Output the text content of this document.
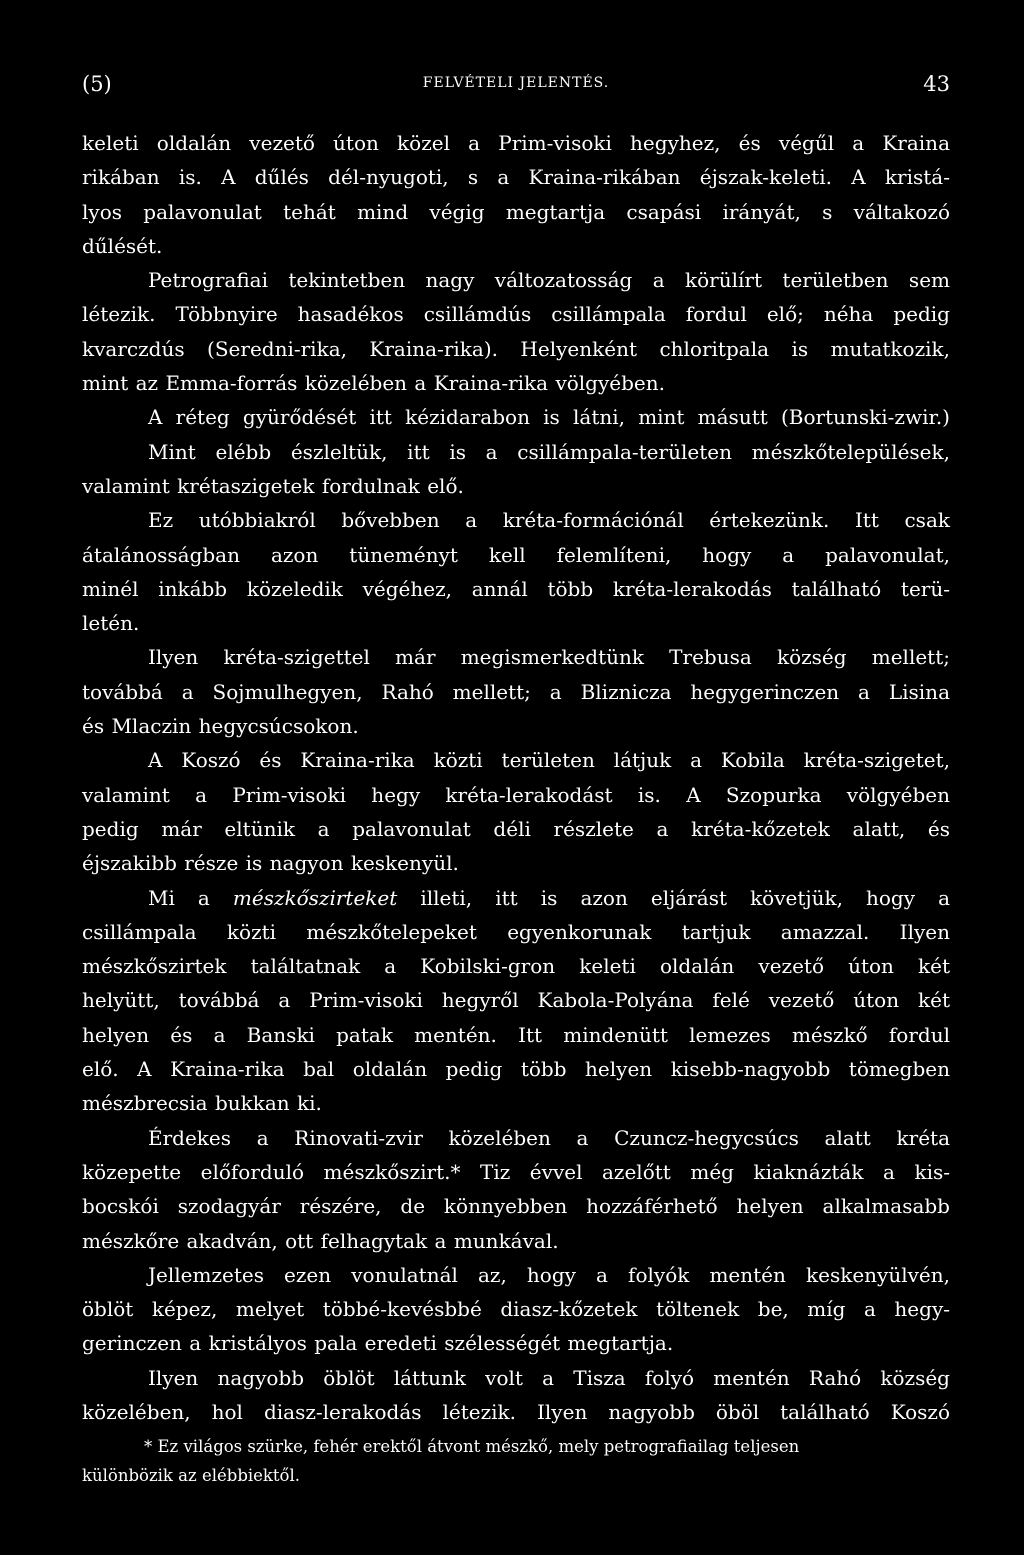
(5)	FELVÉTELI JELENTÉS.	43
keleti oldalán vezető úton közel a Prim-visoki hegyhez, és végűl a Kraina
rikában is. A dűlés dél-nyugoti, s a Kraina-rikában éjszak-keleti. A kristá-
lyos palavonulat tehát mind végig megtartja csapási irányát, s váltakozó
dűlését.
Petrografiai tekintetben nagy változatosság a körülírt területben sem
létezik. Többnyire hasadékos csillámdús csillámpala fordul elő; néha pedig
kvarczdús (Seredni-rika, Kraina-rika). Helyenként chloritpala is mutatkozik,
mint az Emma-forrás közelében a Kraina-rika völgyében.
A réteg gyürődését itt kézidarabon is látni, mint másutt (Bortunski-zwir.)
Mint elébb észleltük, itt is a csillámpala-területen mészkőtelepülések,
valamint krétaszigetek fordulnak elő.
Ez utóbbiakról bővebben a kréta-formációnál értekezünk. Itt csak
átalánosságban azon tüneményt kell felemlíteni, hogy a palavonulat,
minél inkább közeledik végéhez, annál több kréta-lerakodás található terü-
letén.
Ilyen kréta-szigettel már megismerkedtünk Trebusa község mellett;
továbbá a Sojmulhegyen, Rahó mellett; a Bliznicza hegygerinczen a Lisina
és Mlaczin hegycsúcsokon.
A Koszó és Kraina-rika közti területen látjuk a Kobila kréta-szigetet,
valamint a Prim-visoki hegy kréta-lerakodást is. A Szopurka völgyében
pedig már eltünik a palavonulat déli részlete a kréta-kőzetek alatt, és
éjszakibb része is nagyon keskenyül.
Mi a mészkőszirteket illeti, itt is azon eljárást követjük, hogy a
csillámpala közti mészkőtelepeket egyenkorunak tartjuk amazzal. Ilyen
mészkőszirtek találtatnak a Kobilski-gron keleti oldalán vezető úton két
helyütt, továbbá a Prim-visoki hegyről Kabola-Polyána felé vezető úton két
helyen és a Banski patak mentén. Itt mindenütt lemezes mészkő fordul
elő. A Kraina-rika bal oldalán pedig több helyen kisebb-nagyobb tömegben
mészbrecsia bukkan ki.
Érdekes a Rinovati-zvir közelében a Czuncz-hegycsúcs alatt kréta
közepette előforduló mészkőszirt.* Tiz évvel azelőtt még kiaknázták a kis-
bocskói szodagyár részére, de könnyebben hozzáférhető helyen alkalmasabb
mészkőre akadván, ott felhagytak a munkával.
Jellemzetes ezen vonulatnál az, hogy a folyók mentén keskenyülvén,
öblöt képez, melyet többé-kevésbbé diasz-kőzetek töltenek be, míg a hegy-
gerinczen a kristályos pala eredeti szélességét megtartja.
Ilyen nagyobb öblöt láttunk volt a Tisza folyó mentén Rahó község
közelében, hol diasz-lerakodás létezik. Ilyen nagyobb öböl található Koszó
* Ez világos szürke, fehér erektől átvont mészkő, mely petrografiailag teljesen
különbözik az elébbiektől.
